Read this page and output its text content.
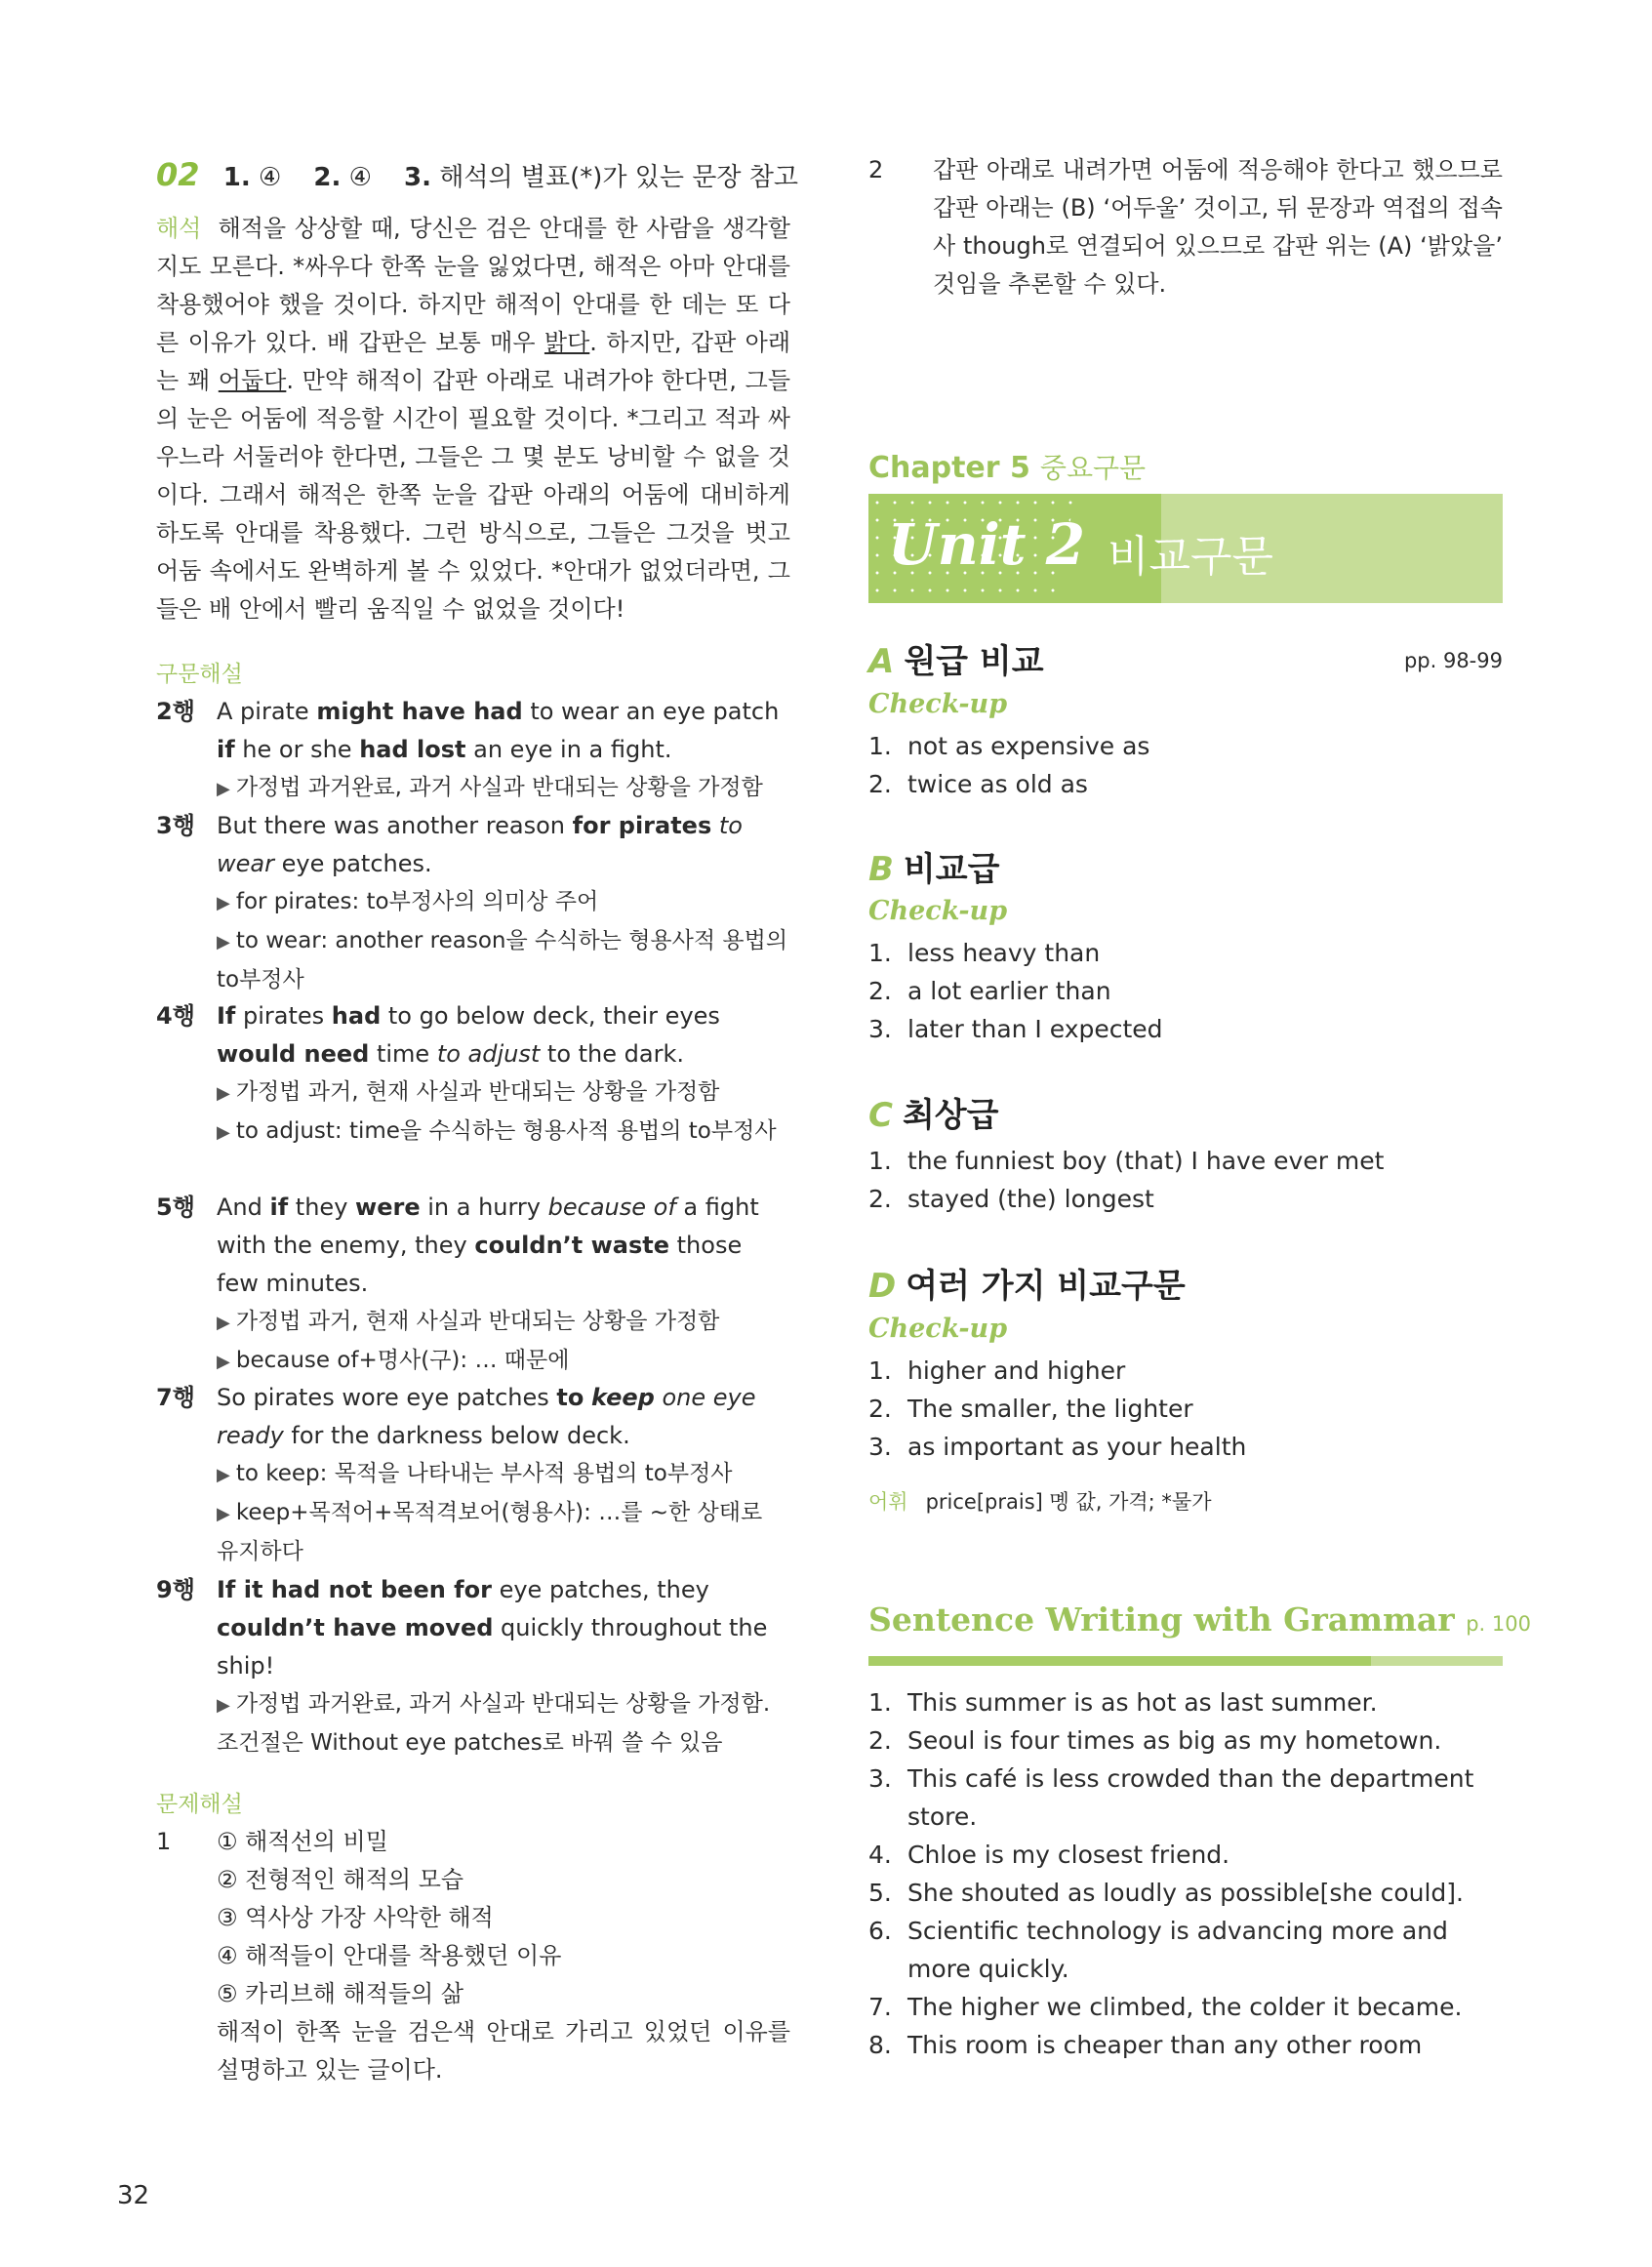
02 1. ④ 2. ④ 3. 해석의 별표(*)가 있는 문장 참고
해석 해적을 상상할 때, 당신은 검은 안대를 한 사람을 생각할지도 모른다. *싸우다 한쪽 눈을 잃었다면, 해적은 아마 안대를 착용했어야 했을 것이다. 하지만 해적이 안대를 한 데는 또 다른 이유가 있다. 배 갑판은 보통 매우 밝다. 하지만, 갑판 아래는 꽤 어둡다. 만약 해적이 갑판 아래로 내려가야 한다면, 그들의 눈은 어둠에 적응할 시간이 필요할 것이다. *그리고 적과 싸우느라 서둘러야 한다면, 그들은 그 몇 분도 낭비할 수 없을 것이다. 그래서 해적은 한쪽 눈을 갑판 아래의 어둠에 대비하게 하도록 안대를 착용했다. 그런 방식으로, 그들은 그것을 벗고 어둠 속에서도 완벽하게 볼 수 있었다. *안대가 없었더라면, 그들은 배 안에서 빨리 움직일 수 없었을 것이다!
구문해설
2행 A pirate might have had to wear an eye patch if he or she had lost an eye in a fight.
▶ 가정법 과거완료, 과거 사실과 반대되는 상황을 가정함
3행 But there was another reason for pirates to wear eye patches.
▶ for pirates: to부정사의 의미상 주어
▶ to wear: another reason을 수식하는 형용사적 용법의 to부정사
4행 If pirates had to go below deck, their eyes would need time to adjust to the dark.
▶ 가정법 과거, 현재 사실과 반대되는 상황을 가정함
▶ to adjust: time을 수식하는 형용사적 용법의 to부정사
5행 And if they were in a hurry because of a fight with the enemy, they couldn’t waste those few minutes.
▶ 가정법 과거, 현재 사실과 반대되는 상황을 가정함
▶ because of+명사(구): … 때문에
7행 So pirates wore eye patches to keep one eye ready for the darkness below deck.
▶ to keep: 목적을 나타내는 부사적 용법의 to부정사
▶ keep+목적어+목적격보어(형용사): …를 ~한 상태로 유지하다
9행 If it had not been for eye patches, they couldn’t have moved quickly throughout the ship!
▶ 가정법 과거완료, 과거 사실과 반대되는 상황을 가정함. 조건절은 Without eye patches로 바꿔 쓸 수 있음
문제해설
1 ① 해적선의 비밀
② 전형적인 해적의 모습
③ 역사상 가장 사악한 해적
④ 해적들이 안대를 착용했던 이유
⑤ 카리브해 해적들의 삶
해적이 한쪽 눈을 검은색 안대로 가리고 있었던 이유를 설명하고 있는 글이다.
2 갑판 아래로 내려가면 어둠에 적응해야 한다고 했으므로 갑판 아래는 (B) ‘어두울’ 것이고, 뒤 문장과 역접의 접속사 though로 연결되어 있으므로 갑판 위는 (A) ‘밝았을’ 것임을 추론할 수 있다.
Chapter 5 중요구문
Unit 2 비교구문
A 원급 비교	pp. 98-99
Check-up
1. not as expensive as
2. twice as old as
B 비교급
Check-up
1. less heavy than
2. a lot earlier than
3. later than I expected
C 최상급
1. the funniest boy (that) I have ever met
2. stayed (the) longest
D 여러 가지 비교구문
Check-up
1. higher and higher
2. The smaller, the lighter
3. as important as your health
어휘 price[prais] 몡 값, 가격; *물가
Sentence Writing with Grammar p. 100
1. This summer is as hot as last summer.
2. Seoul is four times as big as my hometown.
3. This café is less crowded than the department store.
4. Chloe is my closest friend.
5. She shouted as loudly as possible[she could].
6. Scientific technology is advancing more and more quickly.
7. The higher we climbed, the colder it became.
8. This room is cheaper than any other room
32
